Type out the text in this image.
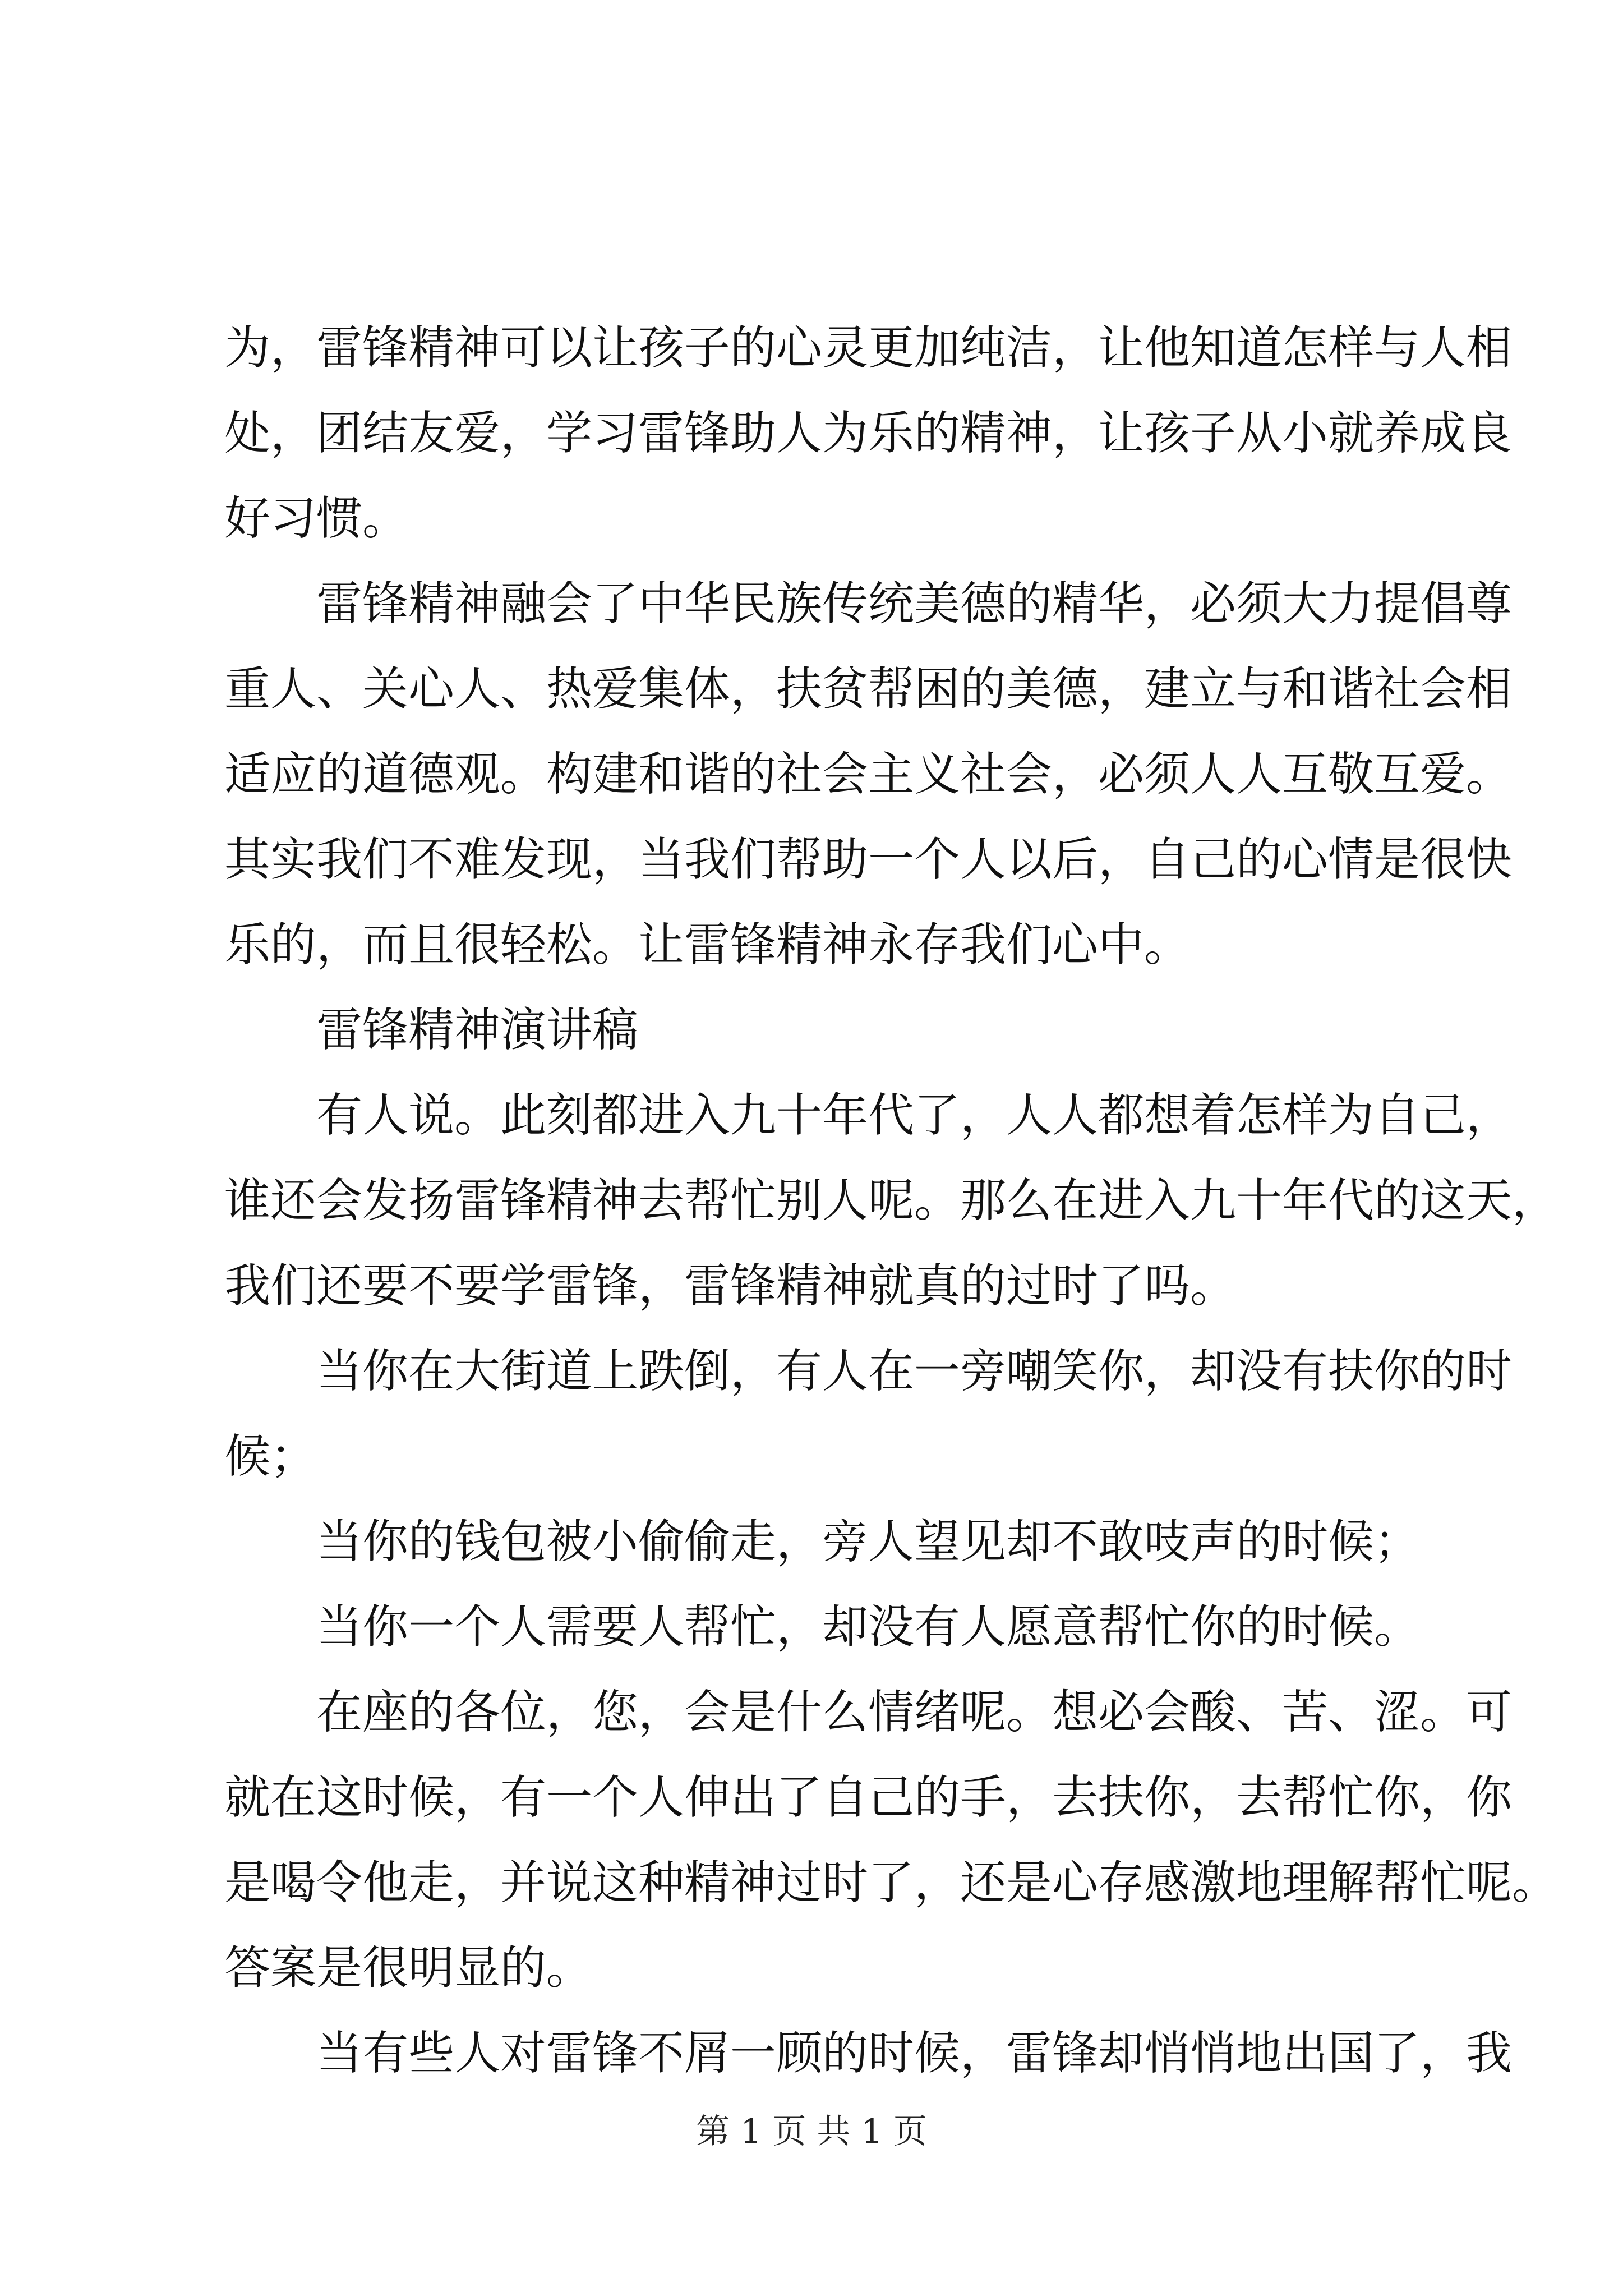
为，雷锋精神可以让孩子的心灵更加纯洁，让他知道怎样与人相
处，团结友爱，学习雷锋助人为乐的精神，让孩子从小就养成良
好习惯。
　　雷锋精神融会了中华民族传统美德的精华，必须大力提倡尊
重人、关心人、热爱集体，扶贫帮困的美德，建立与和谐社会相
适应的道德观。构建和谐的社会主义社会，必须人人互敬互爱。
其实我们不难发现，当我们帮助一个人以后，自己的心情是很快
乐的，而且很轻松。让雷锋精神永存我们心中。
　　雷锋精神演讲稿
　　有人说。此刻都进入九十年代了，人人都想着怎样为自己，
谁还会发扬雷锋精神去帮忙别人呢。那么在进入九十年代的这天，
我们还要不要学雷锋，雷锋精神就真的过时了吗。
　　当你在大街道上跌倒，有人在一旁嘲笑你，却没有扶你的时
候；
　　当你的钱包被小偷偷走，旁人望见却不敢吱声的时候；
　　当你一个人需要人帮忙，却没有人愿意帮忙你的时候。
　　在座的各位，您，会是什么情绪呢。想必会酸、苦、涩。可
就在这时候，有一个人伸出了自己的手，去扶你，去帮忙你，你
是喝令他走，并说这种精神过时了，还是心存感激地理解帮忙呢。
答案是很明显的。
　　当有些人对雷锋不屑一顾的时候，雷锋却悄悄地出国了，我
第 1 页 共 1 页
